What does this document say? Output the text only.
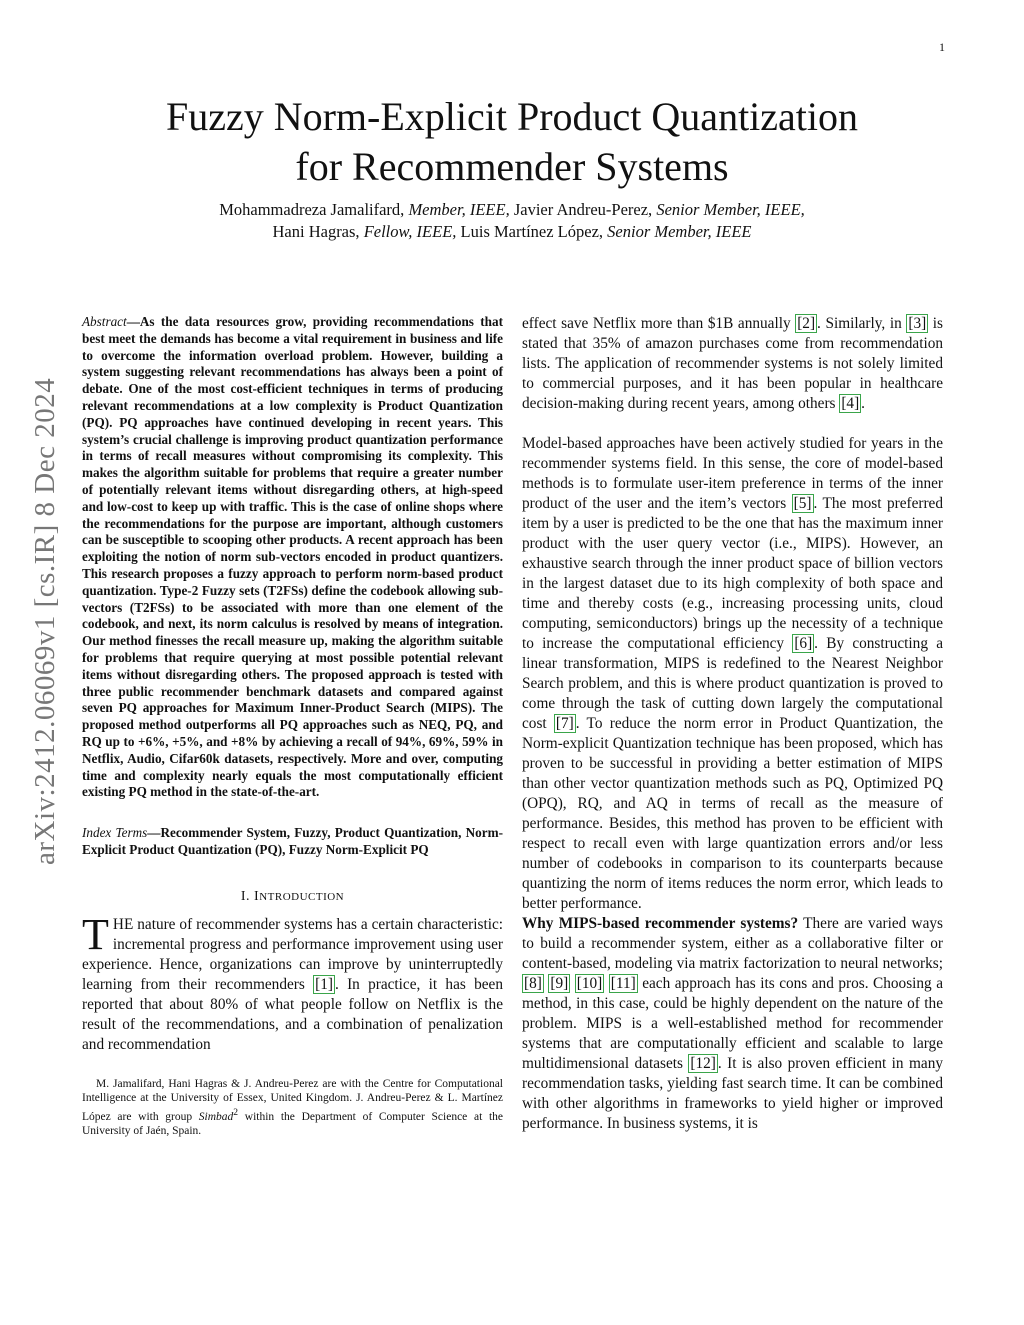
1
arXiv:2412.06069v1 [cs.IR] 8 Dec 2024
Fuzzy Norm-Explicit Product Quantization
for Recommender Systems
Mohammadreza Jamalifard, Member, IEEE, Javier Andreu-Perez, Senior Member, IEEE,
Hani Hagras, Fellow, IEEE, Luis Martínez López, Senior Member, IEEE

Abstract—As the data resources grow, providing recommendations that best meet the demands has become a vital requirement in business and life to overcome the information overload problem. However, building a system suggesting relevant recommendations has always been a point of debate. One of the most cost-efficient techniques in terms of producing relevant recommendations at a low complexity is Product Quantization (PQ). PQ approaches have continued developing in recent years. This system’s crucial challenge is improving product quantization performance in terms of recall measures without compromising its complexity. This makes the algorithm suitable for problems that require a greater number of potentially relevant items without disregarding others, at high-speed and low-cost to keep up with traffic. This is the case of online shops where the recommendations for the purpose are important, although customers can be susceptible to scooping other products. A recent approach has been exploiting the notion of norm sub-vectors encoded in product quantizers. This research proposes a fuzzy approach to perform norm-based product quantization. Type-2 Fuzzy sets (T2FSs) define the codebook allowing sub-vectors (T2FSs) to be associated with more than one element of the codebook, and next, its norm calculus is resolved by means of integration. Our method finesses the recall measure up, making the algorithm suitable for problems that require querying at most possible potential relevant items without disregarding others. The proposed approach is tested with three public recommender benchmark datasets and compared against seven PQ approaches for Maximum Inner-Product Search (MIPS). The proposed method outperforms all PQ approaches such as NEQ, PQ, and RQ up to +6%, +5%, and +8% by achieving a recall of 94%, 69%, 59% in Netflix, Audio, Cifar60k datasets, respectively. More and over, computing time and complexity nearly equals the most computationally efficient existing PQ method in the state-of-the-art.

Index Terms—Recommender System, Fuzzy, Product Quantization, Norm-Explicit Product Quantization (PQ), Fuzzy Norm-Explicit PQ

I. INTRODUCTION

THE nature of recommender systems has a certain characteristic: incremental progress and performance improvement using user experience. Hence, organizations can improve by uninterruptedly learning from their recommenders [1] . In practice, it has been reported that about 80% of what people follow on Netflix is the result of the recommendations, and a combination of penalization and recommendation

M. Jamalifard, Hani Hagras & J. Andreu-Perez are with the Centre for Computational Intelligence at the University of Essex, United Kingdom. J. Andreu-Perez & L. Martínez López are with group Simbad$^2$ within the Department of Computer Science at the University of Jaén, Spain.

effect save Netflix more than $1B annually [2] . Similarly, in [3] is stated that 35% of amazon purchases come from recommendation lists. The application of recommender systems is not solely limited to commercial purposes, and it has been popular in healthcare decision-making during recent years, among others [4] .

Model-based approaches have been actively studied for years in the recommender systems field. In this sense, the core of model-based methods is to formulate user-item preference in terms of the inner product of the user and the item’s vectors [5] . The most preferred item by a user is predicted to be the one that has the maximum inner product with the user query vector (i.e., MIPS). However, an exhaustive search through the inner product space of billion vectors in the largest dataset due to its high complexity of both space and time and thereby costs (e.g., increasing processing units, cloud computing, semiconductors) brings up the necessity of a technique to increase the computational efficiency [6] . By constructing a linear transformation, MIPS is redefined to the Nearest Neighbor Search problem, and this is where product quantization is proved to come through the task of cutting down largely the computational cost [7] . To reduce the norm error in Product Quantization, the Norm-explicit Quantization technique has been proposed, which has proven to be successful in providing a better estimation of MIPS than other vector quantization methods such as PQ, Optimized PQ (OPQ), RQ, and AQ in terms of recall as the measure of performance. Besides, this method has proven to be efficient with respect to recall even with large quantization errors and/or less number of codebooks in comparison to its counterparts because quantizing the norm of items reduces the norm error, which leads to better performance.

Why MIPS-based recommender systems? There are varied ways to build a recommender system, either as a collaborative filter or content-based, modeling via matrix factorization to neural networks; [8] [9] [10] [11] each approach has its cons and pros. Choosing a method, in this case, could be highly dependent on the nature of the problem. MIPS is a well-established method for recommender systems that are computationally efficient and scalable to large multidimensional datasets [12] . It is also proven efficient in many recommendation tasks, yielding fast search time. It can be combined with other algorithms in frameworks to yield higher or improved performance. In business systems, it is
